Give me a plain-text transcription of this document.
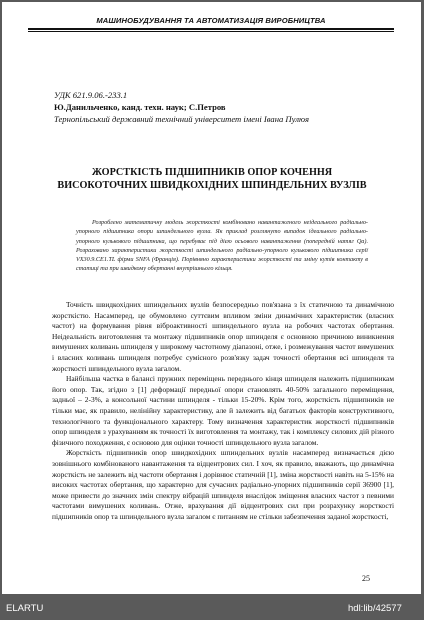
МАШИНОБУДУВАННЯ ТА АВТОМАТИЗАЦІЯ ВИРОБНИЦТВА
УДК 621.9.06.-233.1
Ю.Данильченко, канд. техн. наук; С.Петров
Тернопільський державний технічний університет імені Івана Пулюя
ЖОРСТКІСТЬ ПІДШИПНИКІВ ОПОР КОЧЕННЯ
ВИСОКОТОЧНИХ ШВИДКОХІДНИХ ШПИНДЕЛЬНИХ ВУЗЛІВ
Розроблено математичну модель жорсткості комбіновано навантаженого неідеального радіально-упорного підшипника опори шпиндельного вузла. Як приклад розглянуто випадок ідеального радіально-упорного кулькового підшипника, що перебуває під дією осьового навантаження (попередній натяг Qa). Розраховано характеристики жорсткості шпиндельного радіально-упорного кулькового підшипника серії VX30.9.CE1.TL фірми SNFA (Франція). Порівняно характеристики жорсткості та зміну кутів контакту в статиці та при швидкому обертанні внутрішнього кільця.

Точність швидкохідних шпиндельних вузлів безпосередньо пов'язана з їх статичною та динамічною жорсткістю. Насамперед, це обумовлено суттєвим впливом зміни динамічних характеристик (власних частот) на формування рівня віброактивності шпиндельного вузла на робочих частотах обертання. Неідеальність виготовлення та монтажу підшипників опор шпинделя є основною причиною виникнення вимушених коливань шпинделя у широкому частотному діапазоні, отже, і розмежування частот вимушених і власних коливань шпинделя потребує сумісного розв'язку задач точності обертання всі шпинделя та жорсткості шпиндельного вузла загалом.

Найбільша частка в балансі пружних переміщень переднього кінця шпинделя належить підшипникам його опор. Так, згідно з [1] деформації передньої опори становлять 40-50% загального переміщення, задньої – 2-3%, а консольної частини шпинделя - тільки 15-20%. Крім того, жорсткість підшипників не тільки має, як правило, нелінійну характеристику, але й залежить від багатьох факторів конструктивного, технологічного та функціонального характеру. Тому визначення характеристик жорсткості підшипників опор шпинделя з урахуванням як точності їх виготовлення та монтажу, так і комплексу силових дій різного фізичного походження, є основою для оцінки точності шпиндельного вузла загалом.

Жорсткість підшипників опор швидкохідних шпиндельних вузлів насамперед визначається дією зовнішнього комбінованого навантаження та відцентрових сил. І хоч, як правило, вважають, що динамічна жорсткість не залежить від частоти обертання і дорівнює статичній [1], зміна жорсткості навіть на 5-15% на високих частотах обертання, що характерно для сучасних радіально-упорних підшипників серії 36900 [1], може привести до значних змін спектру вібрацій шпинделя внаслідок зміщення власних частот з певними частотами вимушених коливань. Отже, врахування дії відцентрових сил при розрахунку жорсткості підшипників опор та шпиндельного вузла загалом є питанням не стільки забезпечення заданої жорсткості,

25
ELARTU	hdl:lib/42577
